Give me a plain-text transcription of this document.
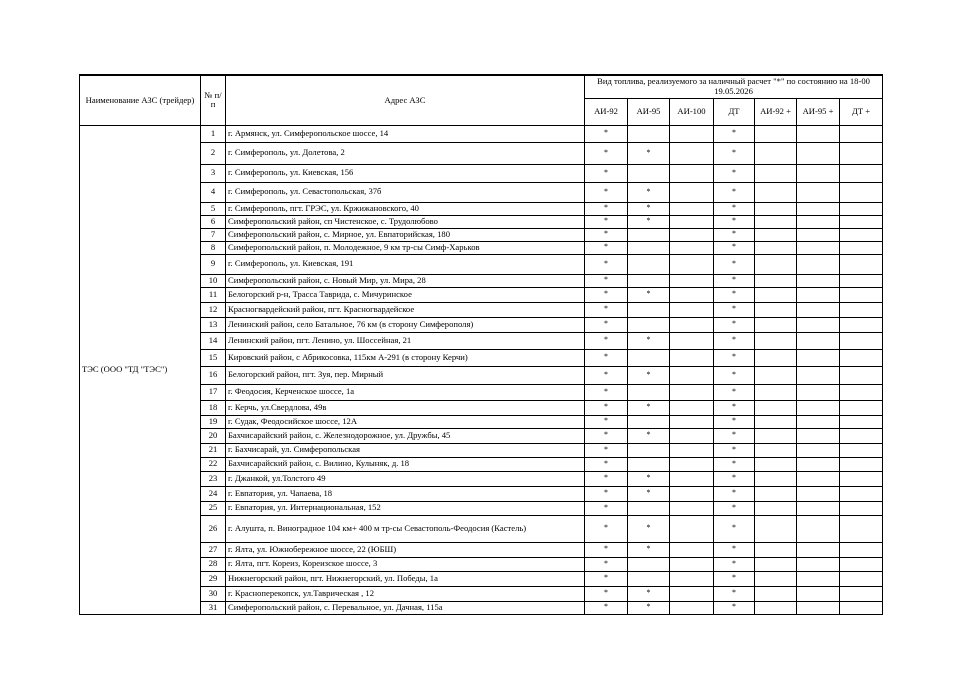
Наименование АЗС (трейдер)	№ п/п	Адрес АЗС	Вид топлива, реализуемого за наличный расчет "*" по состоянию на 18-00 19.05.2026						
			АИ-92	АИ-95	АИ-100	ДТ	АИ-92 +	АИ-95 +	ДТ +
ТЭС (ООО "ТД "ТЭС")	1	г. Армянск, ул. Симферопольское шоссе, 14	*			*			
	2	г. Симферополь, ул. Долетова, 2	*	*		*			
	3	г. Симферополь, ул. Киевская, 156	*			*			
	4	г. Симферополь, ул. Севастопольская, 37б	*	*		*			
	5	г. Симферополь, пгт. ГРЭС, ул. Кржижановского, 40	*	*		*			
	6	Симферопольский район, сп Чистенское, с. Трудолюбово	*	*		*			
	7	Симферопольский район, с. Мирное, ул. Евпаторийская, 180	*			*			
	8	Симферопольский район, п. Молодежное, 9 км тр-сы Симф-Харьков	*			*			
	9	г. Симферополь, ул. Киевская, 191	*			*			
	10	Симферопольский район, с. Новый Мир, ул. Мира, 28	*			*			
	11	Белогорский р-н, Трасса Таврида, с. Мичуринское	*	*		*			
	12	Красногвардейский район, пгт. Красногвардейское	*			*			
	13	Ленинский район, село Батальное, 76 км (в сторону Симферополя)	*			*			
	14	Ленинский район, пгт. Ленино, ул. Шоссейная, 21	*	*		*			
	15	Кировский район, с Абрикосовка, 115км А-291 (в сторону Керчи)	*			*			
	16	Белогорский район, пгт. Зуя, пер. Мирный	*	*		*			
	17	г. Феодосия, Керченское шоссе, 1а	*			*			
	18	г. Керчь, ул.Свердлова, 49в	*	*		*			
	19	г. Судак, Феодосийское шоссе, 12А	*			*			
	20	Бахчисарайский район, с. Железнодорожное, ул. Дружбы, 45	*	*		*			
	21	г. Бахчисарай, ул. Симферопольская	*			*			
	22	Бахчисарайский район, с. Вилино, Кулыняк, д. 18	*			*			
	23	г. Джанкой, ул.Толстого 49	*	*		*			
	24	г. Евпатория, ул. Чапаева, 18	*	*		*			
	25	г. Евпатория, ул. Интернациональная, 152	*			*			
	26	г. Алушта, п. Виноградное 104 км+ 400 м тр-сы Севастополь-Феодосия (Кастель)	*	*		*			
	27	г. Ялта, ул. Южнобережное шоссе, 22 (ЮБШ)	*	*		*			
	28	г. Ялта, пгт. Кореиз, Кореизское шоссе, 3	*			*			
	29	Нижнегорский район, пгт. Нижнегорский, ул. Победы, 1а	*			*			
	30	г. Красноперекопск, ул.Таврическая , 12	*	*		*			
	31	Симферопольский район, с. Перевальное, ул. Дачная, 115а	*	*		*			
